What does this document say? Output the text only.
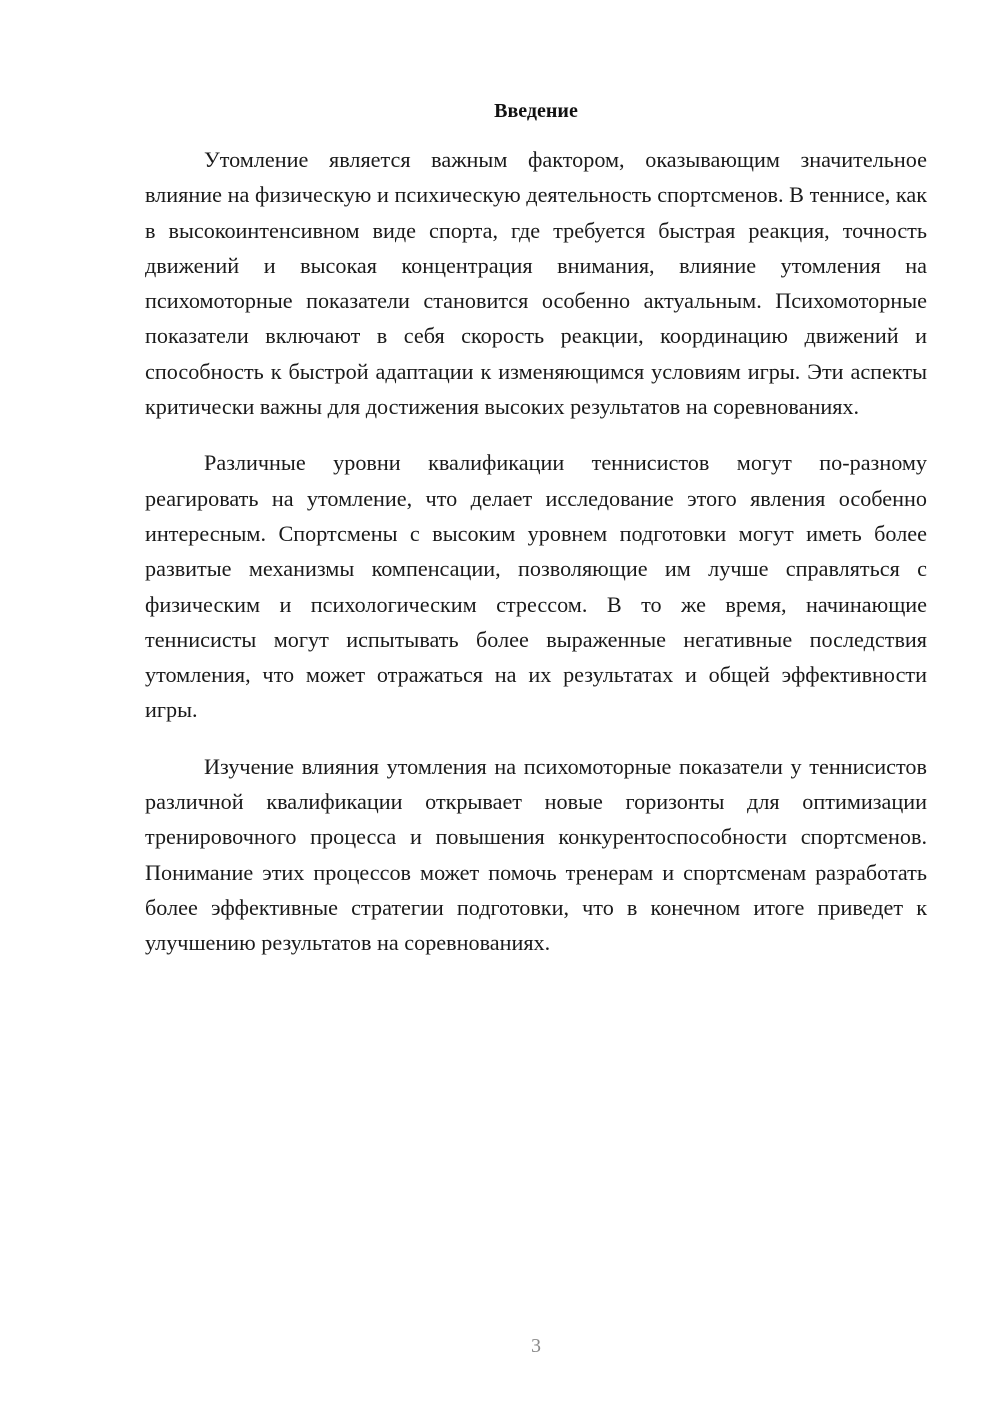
Введение

Утомление является важным фактором, оказывающим значительное влияние на физическую и психическую деятельность спортсменов. В теннисе, как в высокоинтенсивном виде спорта, где требуется быстрая реакция, точность движений и высокая концентрация внимания, влияние утомления на психомоторные показатели становится особенно актуальным. Психомоторные показатели включают в себя скорость реакции, координацию движений и способность к быстрой адаптации к изменяющимся условиям игры. Эти аспекты критически важны для достижения высоких результатов на соревнованиях.

Различные уровни квалификации теннисистов могут по-разному реагировать на утомление, что делает исследование этого явления особенно интересным. Спортсмены с высоким уровнем подготовки могут иметь более развитые механизмы компенсации, позволяющие им лучше справляться с физическим и психологическим стрессом. В то же время, начинающие теннисисты могут испытывать более выраженные негативные последствия утомления, что может отражаться на их результатах и общей эффективности игры.

Изучение влияния утомления на психомоторные показатели у теннисистов различной квалификации открывает новые горизонты для оптимизации тренировочного процесса и повышения конкурентоспособности спортсменов. Понимание этих процессов может помочь тренерам и спортсменам разработать более эффективные стратегии подготовки, что в конечном итоге приведет к улучшению результатов на соревнованиях.

3
